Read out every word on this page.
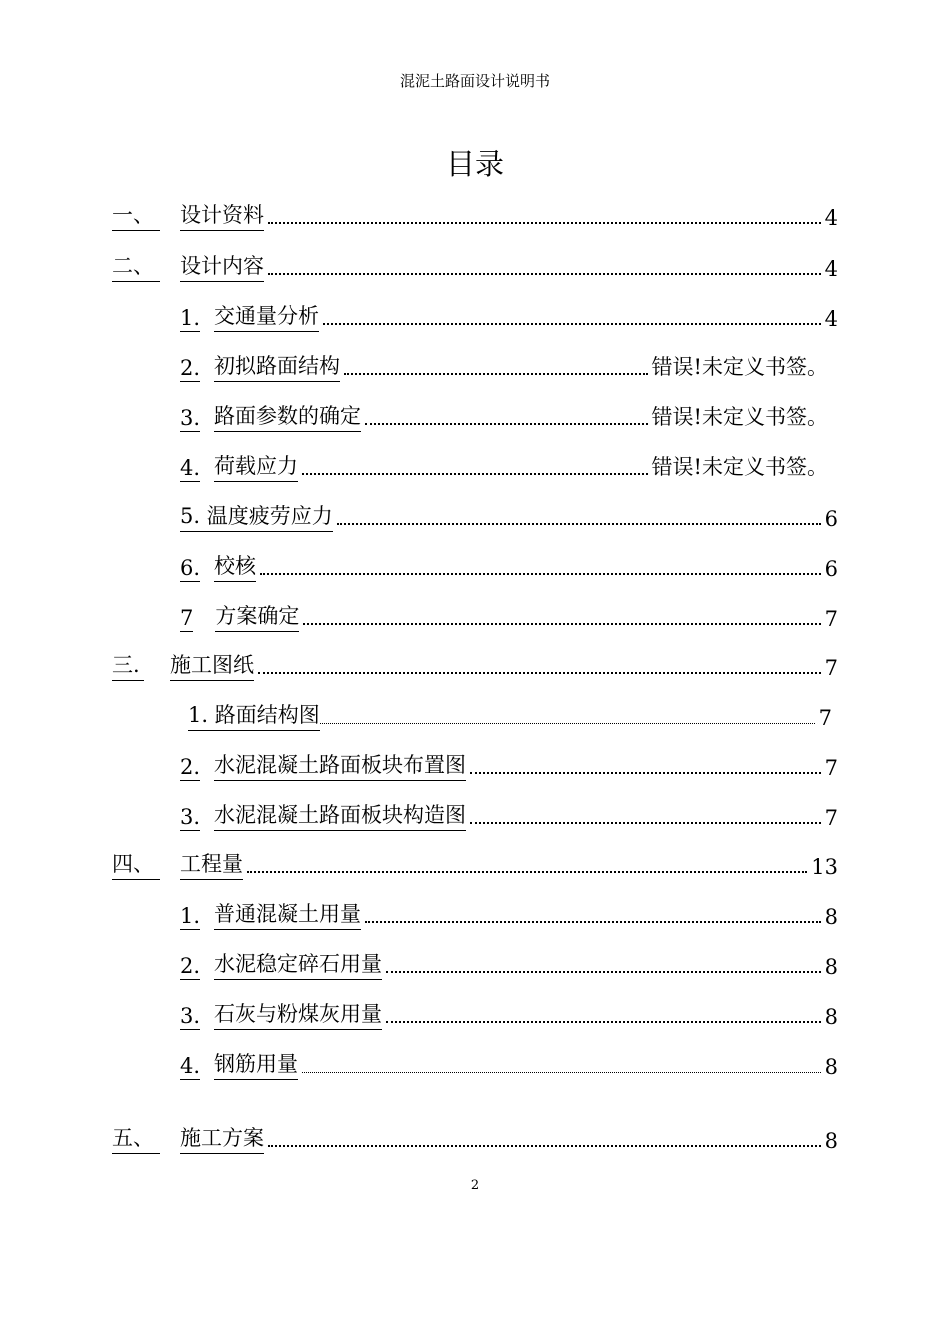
混泥土路面设计说明书
目录
一、 设计资料	4
二、 设计内容	4
1. 交通量分析	4
2. 初拟路面结构	错误!未定义书签。
3. 路面参数的确定	错误!未定义书签。
4. 荷载应力	错误!未定义书签。
5. 温度疲劳应力	6
6. 校核	6
7 方案确定	7
三. 施工图纸	7
1. 路面结构图	7
2. 水泥混凝土路面板块布置图	7
3. 水泥混凝土路面板块构造图	7
四、 工程量	13
1. 普通混凝土用量	8
2. 水泥稳定碎石用量	8
3. 石灰与粉煤灰用量	8
4. 钢筋用量	8
五、 施工方案	8
2
